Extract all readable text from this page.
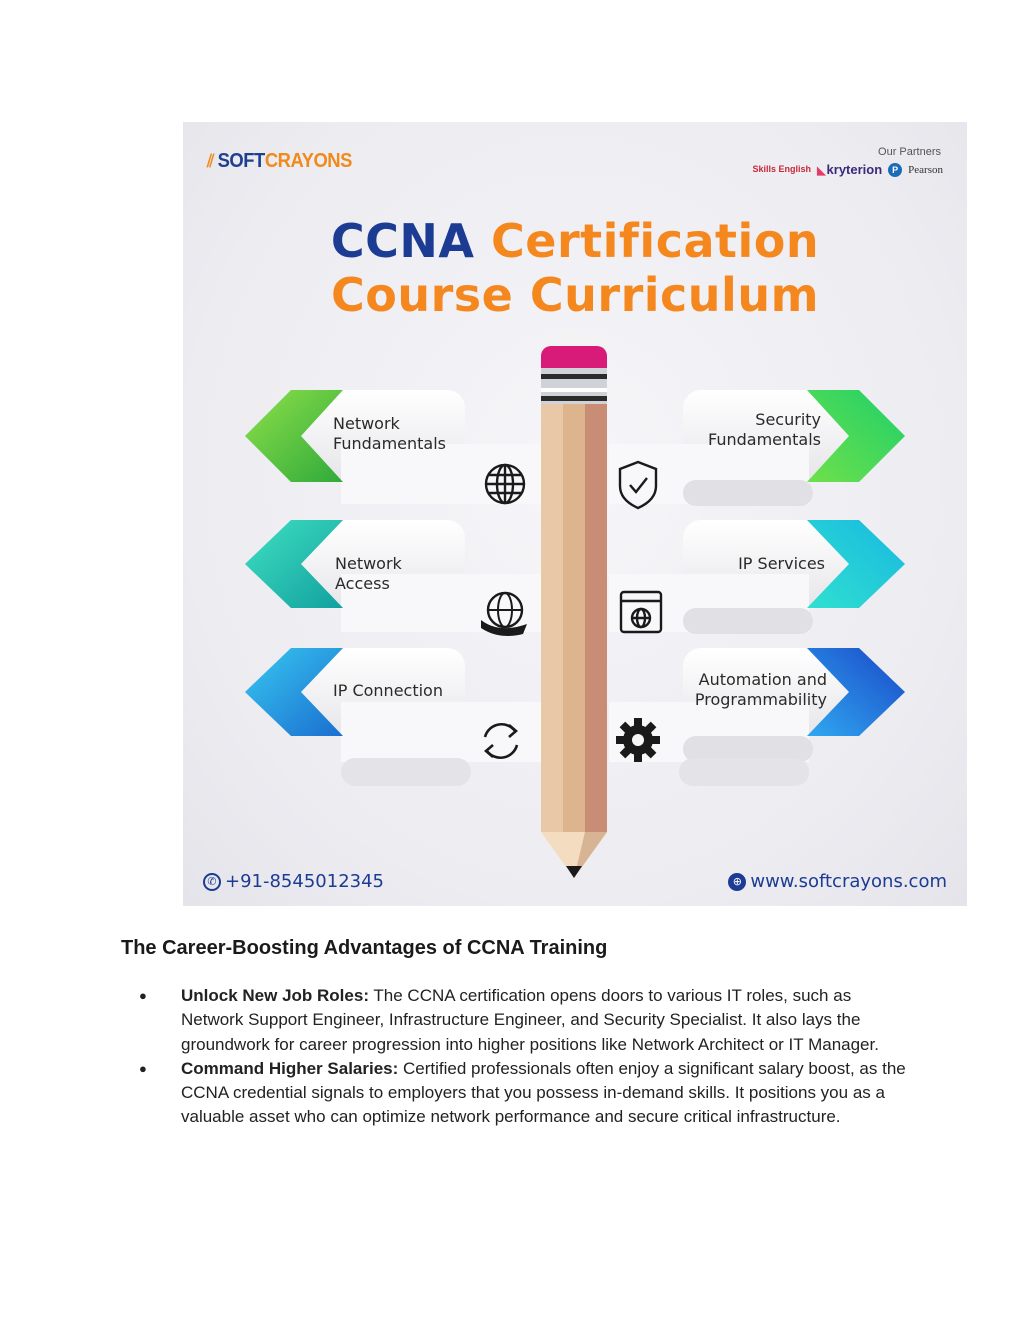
⫽ SOFTCRAYONS	Our Partners
Skills English
◣	kryterion	P Pearson
CCNA Certification
Course Curriculum
Network Fundamentals
Network Access
IP Connection
Security Fundamentals
IP Services
Automation and Programmability
✆ +91-8545012345	⊕ www.softcrayons.com
The Career-Boosting Advantages of CCNA Training
● Unlock New Job Roles: The CCNA certification opens doors to various IT roles, such as Network Support Engineer, Infrastructure Engineer, and Security Specialist. It also lays the groundwork for career progression into higher positions like Network Architect or IT Manager.
● Command Higher Salaries: Certified professionals often enjoy a significant salary boost, as the CCNA credential signals to employers that you possess in-demand skills. It positions you as a valuable asset who can optimize network performance and secure critical infrastructure.
